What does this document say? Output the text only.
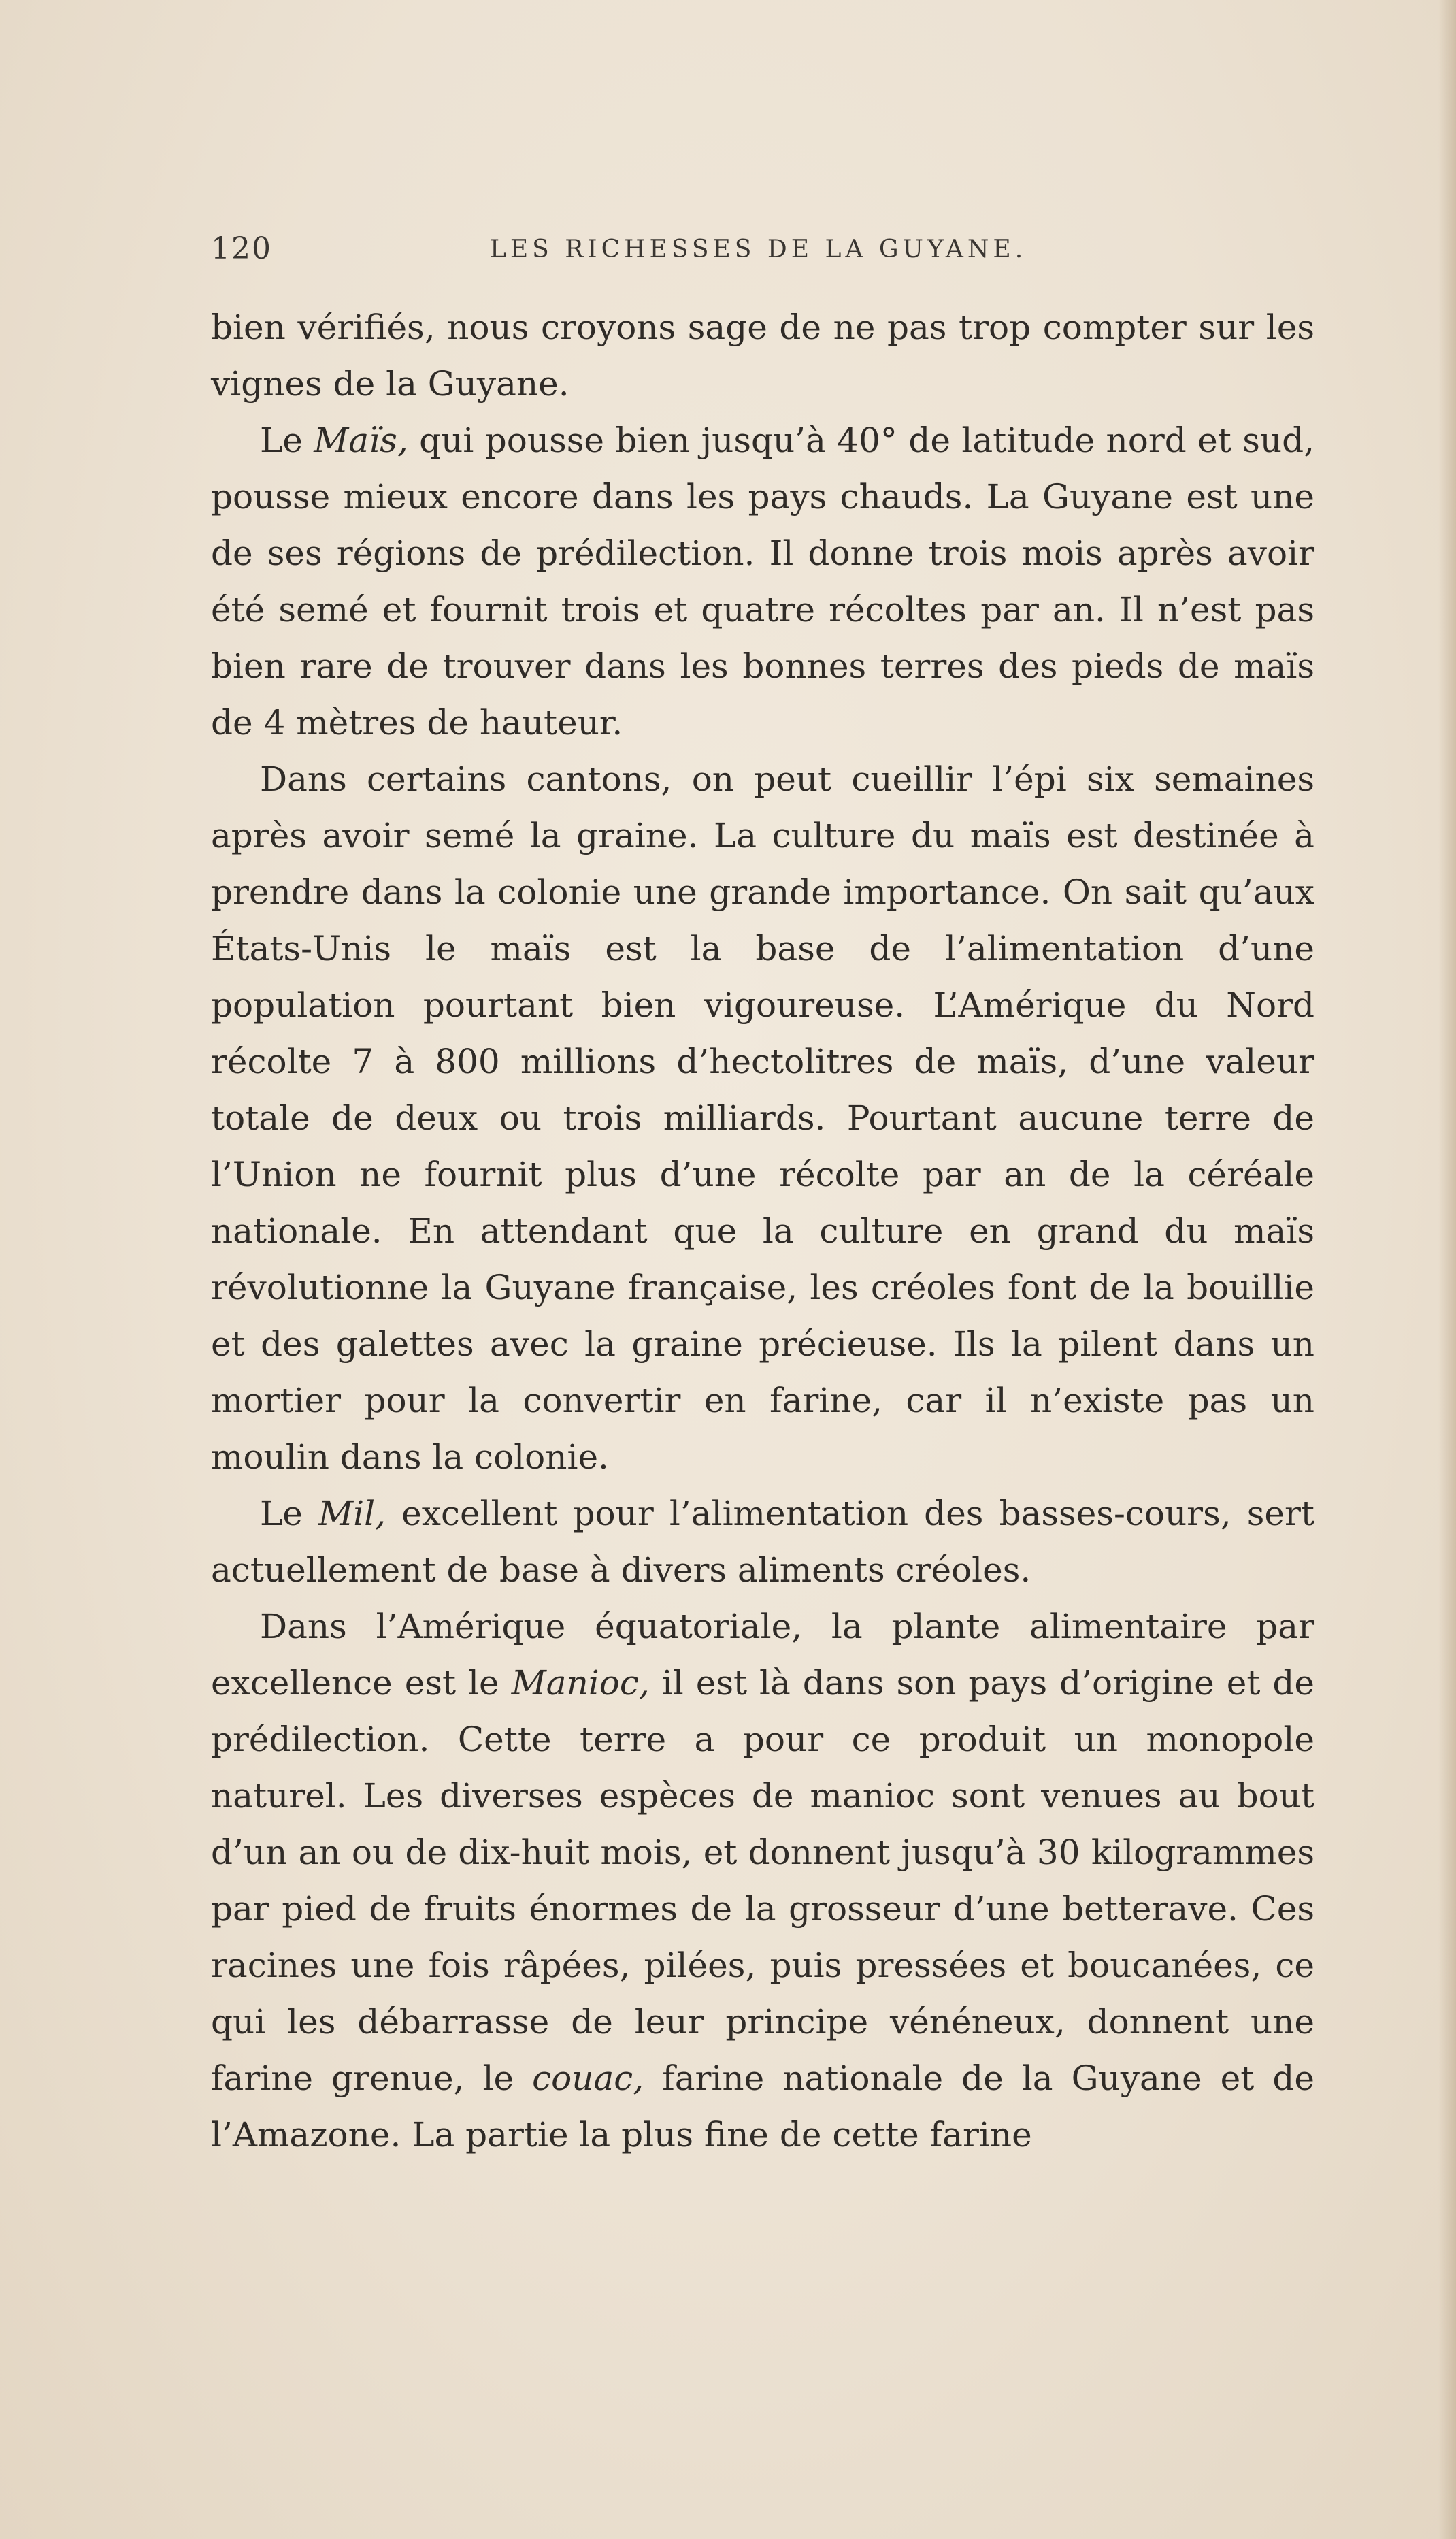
120	LES RICHESSES DE LA GUYANE.

bien vérifiés, nous croyons sage de ne pas trop compter sur les vignes de la Guyane.

Le Maïs, qui pousse bien jusqu’à 40° de latitude nord et sud, pousse mieux encore dans les pays chauds. La Guyane est une de ses régions de prédilection. Il donne trois mois après avoir été semé et fournit trois et quatre récoltes par an. Il n’est pas bien rare de trouver dans les bonnes terres des pieds de maïs de 4 mètres de hauteur.

Dans certains cantons, on peut cueillir l’épi six semaines après avoir semé la graine. La culture du maïs est destinée à prendre dans la colonie une grande importance. On sait qu’aux États-Unis le maïs est la base de l’alimentation d’une population pourtant bien vigoureuse. L’Amérique du Nord récolte 7 à 800 millions d’hectolitres de maïs, d’une valeur totale de deux ou trois milliards. Pourtant aucune terre de l’Union ne fournit plus d’une récolte par an de la céréale nationale. En attendant que la culture en grand du maïs révolutionne la Guyane française, les créoles font de la bouillie et des galettes avec la graine précieuse. Ils la pilent dans un mortier pour la convertir en farine, car il n’existe pas un moulin dans la colonie.

Le Mil, excellent pour l’alimentation des basses-cours, sert actuellement de base à divers aliments créoles.

Dans l’Amérique équatoriale, la plante alimentaire par excellence est le Manioc, il est là dans son pays d’origine et de prédilection. Cette terre a pour ce produit un monopole naturel. Les diverses espèces de manioc sont venues au bout d’un an ou de dix-huit mois, et donnent jusqu’à 30 kilogrammes par pied de fruits énormes de la grosseur d’une betterave. Ces racines une fois râpées, pilées, puis pressées et boucanées, ce qui les débarrasse de leur principe vénéneux, donnent une farine grenue, le couac, farine nationale de la Guyane et de l’Amazone. La partie la plus fine de cette farine
